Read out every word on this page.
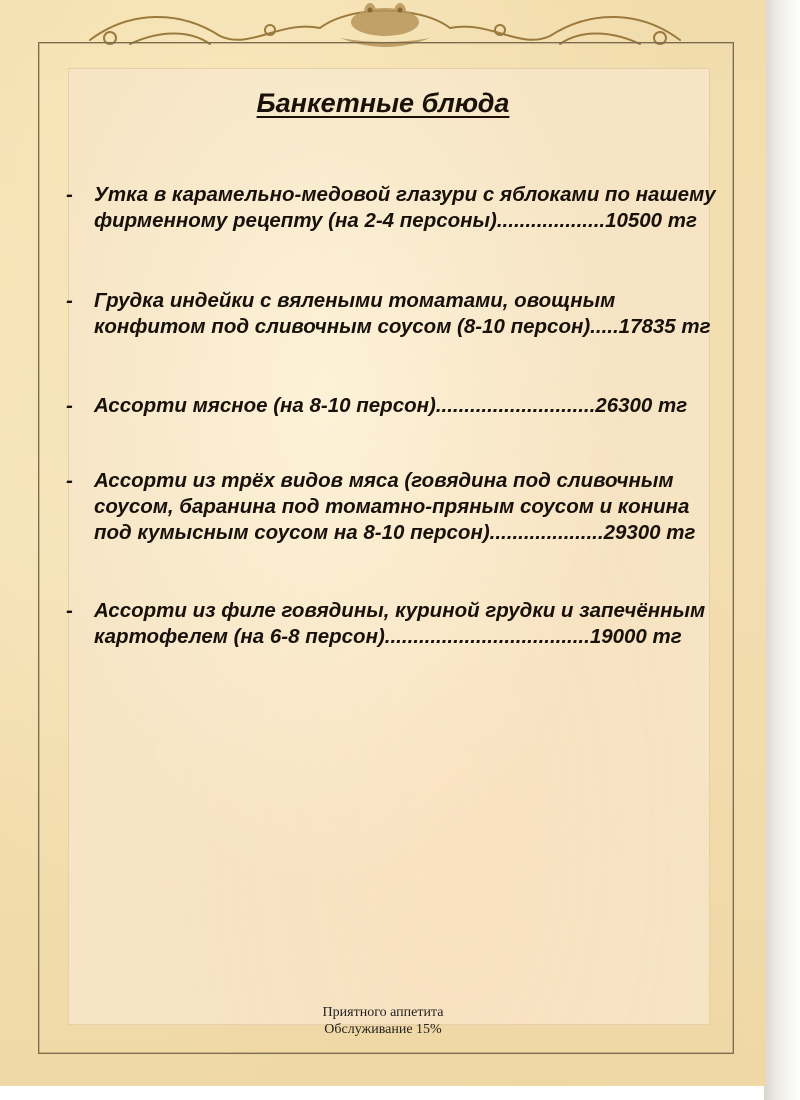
Банкетные блюда
-	Утка в карамельно-медовой глазури с яблоками по нашему
фирменному рецепту (на 2-4 персоны)...................10500 тг
-	Грудка индейки с вялеными томатами, овощным
конфитом под сливочным соусом (8-10 персон).....17835 тг
-	Ассорти мясное (на 8-10 персон)............................26300 тг
-	Ассорти из трёх видов мяса (говядина под сливочным
соусом, баранина под томатно-пряным соусом и конина
под кумысным соусом на 8-10 персон)....................29300 тг
-	Ассорти из филе говядины, куриной грудки и запечённым
картофелем (на 6-8 персон)....................................19000 тг
Приятного аппетита
Обслуживание 15%
